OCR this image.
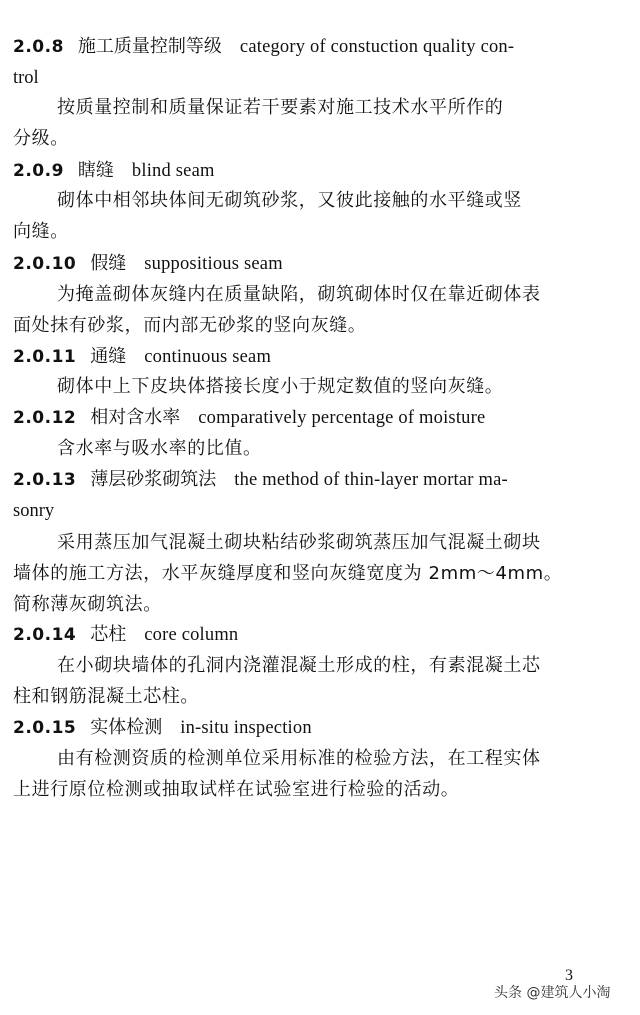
2.0.8 施工质量控制等级 category of constuction quality con-
trol
按质量控制和质量保证若干要素对施工技术水平所作的
分级。
2.0.9 瞎缝 blind seam
砌体中相邻块体间无砌筑砂浆，又彼此接触的水平缝或竖
向缝。
2.0.10 假缝 suppositious seam
为掩盖砌体灰缝内在质量缺陷，砌筑砌体时仅在靠近砌体表
面处抹有砂浆，而内部无砂浆的竖向灰缝。
2.0.11 通缝 continuous seam
砌体中上下皮块体搭接长度小于规定数值的竖向灰缝。
2.0.12 相对含水率 comparatively percentage of moisture
含水率与吸水率的比值。
2.0.13 薄层砂浆砌筑法 the method of thin-layer mortar ma-
sonry
采用蒸压加气混凝土砌块粘结砂浆砌筑蒸压加气混凝土砌块
墙体的施工方法，水平灰缝厚度和竖向灰缝宽度为 2mm～4mm。
简称薄灰砌筑法。
2.0.14 芯柱 core column
在小砌块墙体的孔洞内浇灌混凝土形成的柱，有素混凝土芯
柱和钢筋混凝土芯柱。
2.0.15 实体检测 in-situ inspection
由有检测资质的检测单位采用标准的检验方法，在工程实体
上进行原位检测或抽取试样在试验室进行检验的活动。
3
头条 @建筑人小淘
